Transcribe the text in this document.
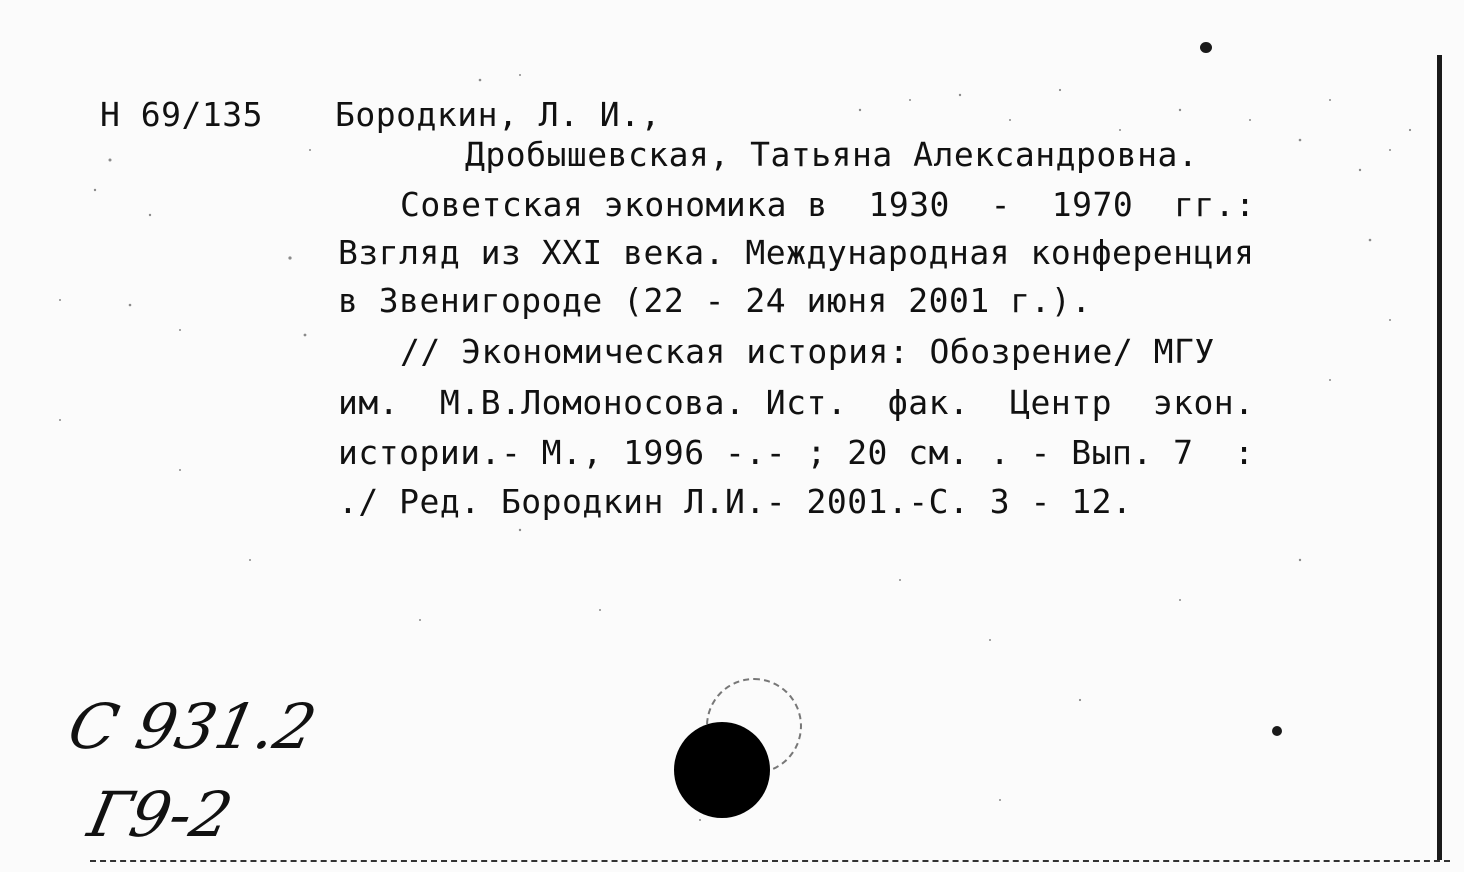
Н 69/135 Бородкин, Л. И.,
Дробышевская, Татьяна Александровна.
Советская экономика в  1930  -  1970  гг.:
Взгляд из XXI века. Международная конференция
в Звенигороде (22 - 24 июня 2001 г.).
// Экономическая история: Обозрение/ МГУ
им.  М.В.Ломоносова. Ист.  фак.  Центр  экон.
истории.- М., 1996 -.- ; 20 см. . - Вып. 7  :
./ Ред. Бородкин Л.И.- 2001.-С. 3 - 12.
С 931.2
Г9-2
